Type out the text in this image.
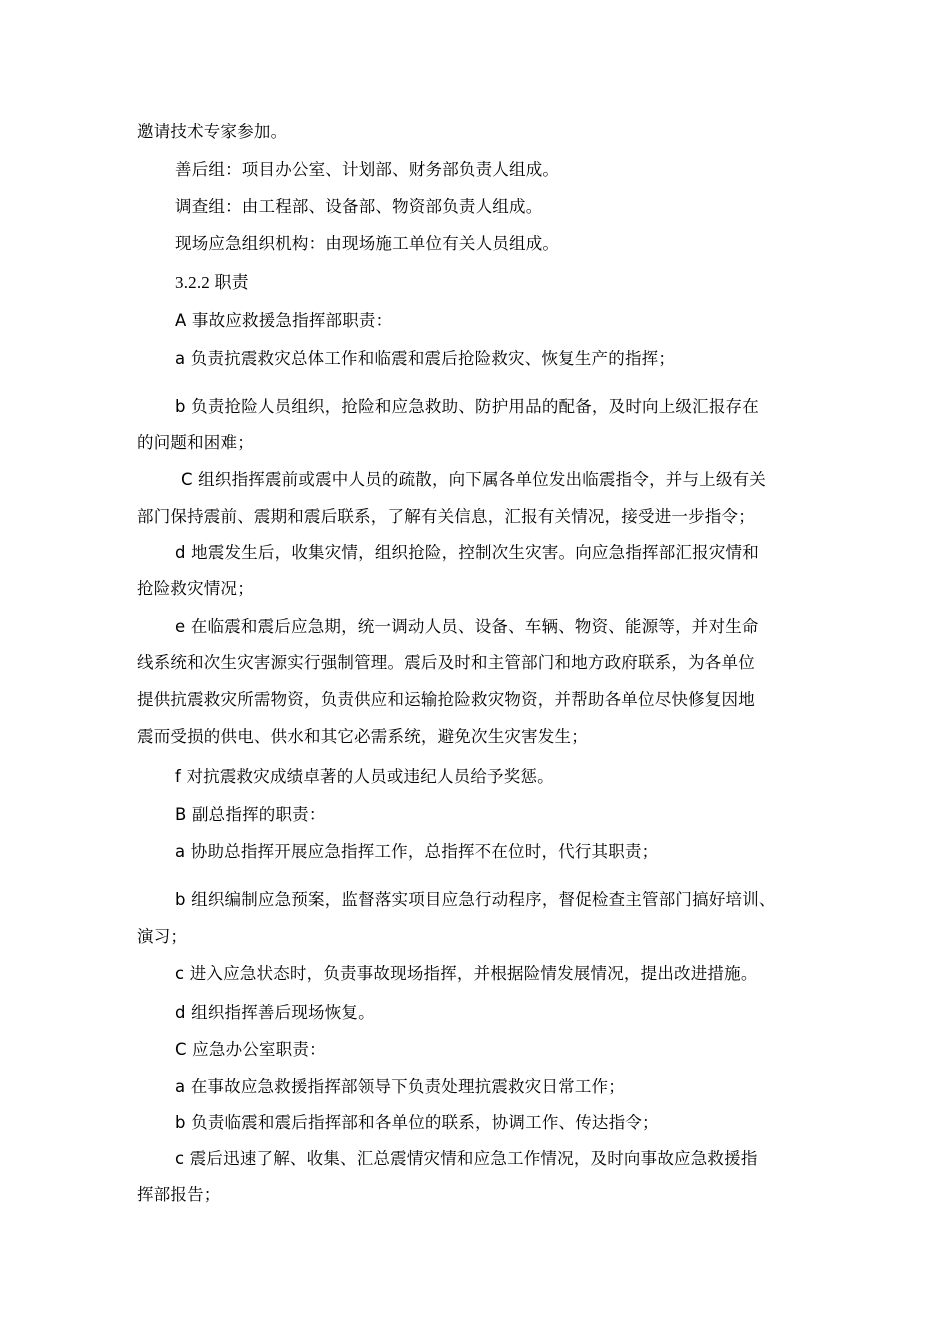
邀请技术专家参加。
善后组：项目办公室、计划部、财务部负责人组成。
调查组：由工程部、设备部、物资部负责人组成。
现场应急组织机构：由现场施工单位有关人员组成。
3.2.2 职责
A 事故应救援急指挥部职责：
a 负责抗震救灾总体工作和临震和震后抢险救灾、恢复生产的指挥；
b 负责抢险人员组织，抢险和应急救助、防护用品的配备，及时向上级汇报存在
的问题和困难；
C 组织指挥震前或震中人员的疏散，向下属各单位发出临震指令，并与上级有关
部门保持震前、震期和震后联系，了解有关信息，汇报有关情况，接受进一步指令；
d 地震发生后，收集灾情，组织抢险，控制次生灾害。向应急指挥部汇报灾情和
抢险救灾情况；
e 在临震和震后应急期，统一调动人员、设备、车辆、物资、能源等，并对生命
线系统和次生灾害源实行强制管理。震后及时和主管部门和地方政府联系，为各单位
提供抗震救灾所需物资，负责供应和运输抢险救灾物资，并帮助各单位尽快修复因地
震而受损的供电、供水和其它必需系统，避免次生灾害发生；
f 对抗震救灾成绩卓著的人员或违纪人员给予奖惩。
B 副总指挥的职责：
a 协助总指挥开展应急指挥工作，总指挥不在位时，代行其职责；
b 组织编制应急预案，监督落实项目应急行动程序，督促检查主管部门搞好培训、
演习；
c 进入应急状态时，负责事故现场指挥，并根据险情发展情况，提出改进措施。
d 组织指挥善后现场恢复。
C 应急办公室职责：
a 在事故应急救援指挥部领导下负责处理抗震救灾日常工作；
b 负责临震和震后指挥部和各单位的联系，协调工作、传达指令；
c 震后迅速了解、收集、汇总震情灾情和应急工作情况，及时向事故应急救援指
挥部报告；
